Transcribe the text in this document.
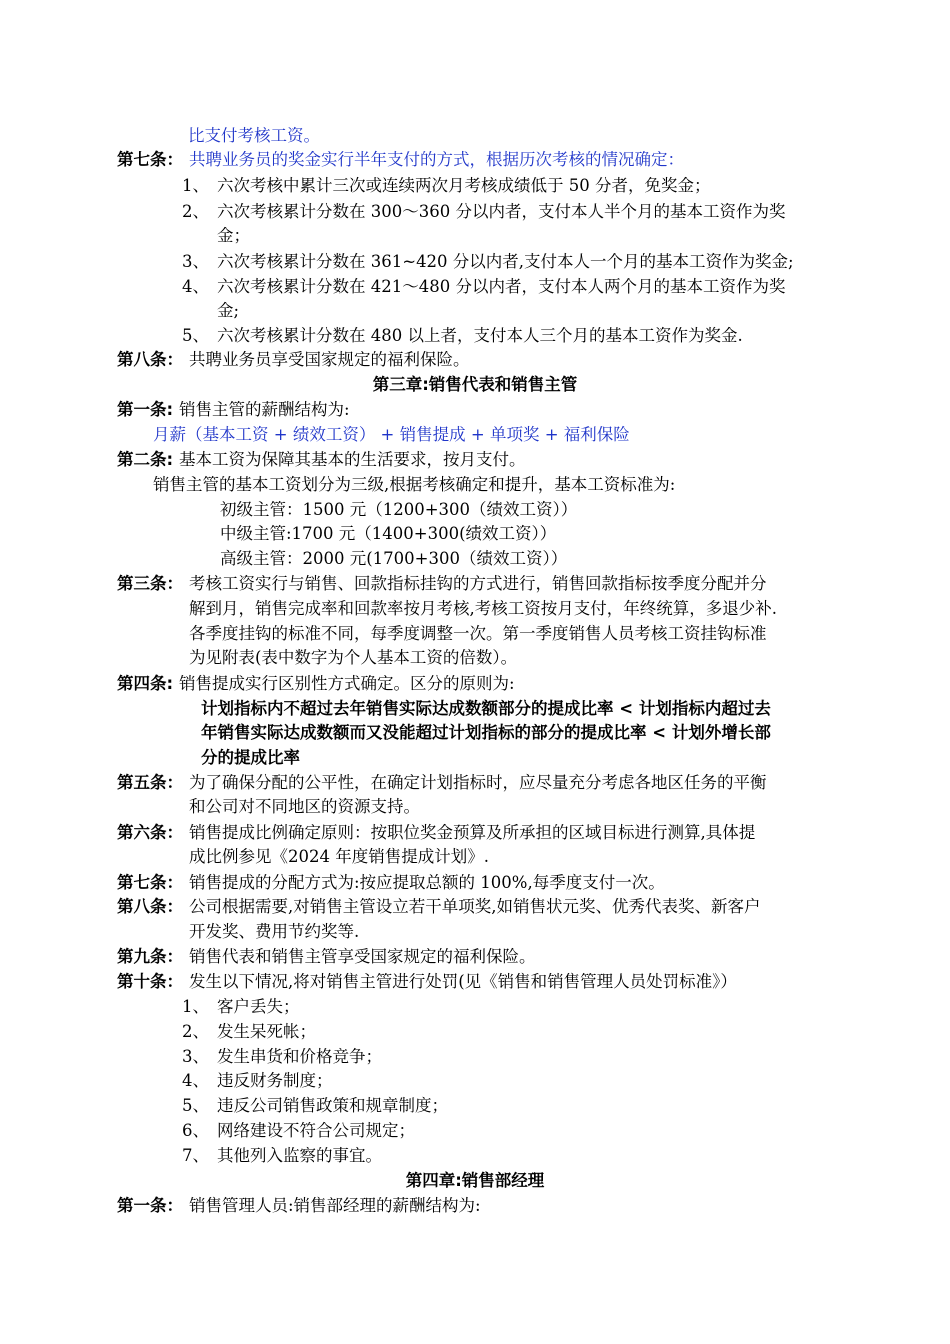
比支付考核工资。
第七条： 共聘业务员的奖金实行半年支付的方式，根据历次考核的情况确定：
1、 六次考核中累计三次或连续两次月考核成绩低于 50 分者，免奖金；
2、 六次考核累计分数在 300～360 分以内者，支付本人半个月的基本工资作为奖
金；
3、 六次考核累计分数在 361~420 分以内者,支付本人一个月的基本工资作为奖金;
4、 六次考核累计分数在 421～480 分以内者，支付本人两个月的基本工资作为奖
金;
5、 六次考核累计分数在 480 以上者，支付本人三个月的基本工资作为奖金.
第八条： 共聘业务员享受国家规定的福利保险。
第三章:销售代表和销售主管
第一条: 销售主管的薪酬结构为:
月薪（基本工资 + 绩效工资） + 销售提成 + 单项奖 + 福利保险
第二条: 基本工资为保障其基本的生活要求，按月支付。
销售主管的基本工资划分为三级,根据考核确定和提升，基本工资标准为:
初级主管：1500 元（1200+300（绩效工资））
中级主管:1700 元（1400+300(绩效工资））
高级主管：2000 元(1700+300（绩效工资））
第三条： 考核工资实行与销售、回款指标挂钩的方式进行，销售回款指标按季度分配并分
解到月，销售完成率和回款率按月考核,考核工资按月支付，年终统算，多退少补.
各季度挂钩的标准不同，每季度调整一次。第一季度销售人员考核工资挂钩标准
为见附表(表中数字为个人基本工资的倍数）。
第四条: 销售提成实行区别性方式确定。区分的原则为:
计划指标内不超过去年销售实际达成数额部分的提成比率 < 计划指标内超过去
年销售实际达成数额而又没能超过计划指标的部分的提成比率 < 计划外增长部
分的提成比率
第五条： 为了确保分配的公平性，在确定计划指标时，应尽量充分考虑各地区任务的平衡
和公司对不同地区的资源支持。
第六条： 销售提成比例确定原则：按职位奖金预算及所承担的区域目标进行测算,具体提
成比例参见《2024 年度销售提成计划》.
第七条： 销售提成的分配方式为:按应提取总额的 100%,每季度支付一次。
第八条： 公司根据需要,对销售主管设立若干单项奖,如销售状元奖、优秀代表奖、新客户
开发奖、费用节约奖等.
第九条： 销售代表和销售主管享受国家规定的福利保险。
第十条： 发生以下情况,将对销售主管进行处罚(见《销售和销售管理人员处罚标准》）
1、 客户丢失；
2、 发生呆死帐；
3、 发生串货和价格竞争；
4、 违反财务制度；
5、 违反公司销售政策和规章制度；
6、 网络建设不符合公司规定；
7、 其他列入监察的事宜。
第四章:销售部经理
第一条： 销售管理人员:销售部经理的薪酬结构为:
